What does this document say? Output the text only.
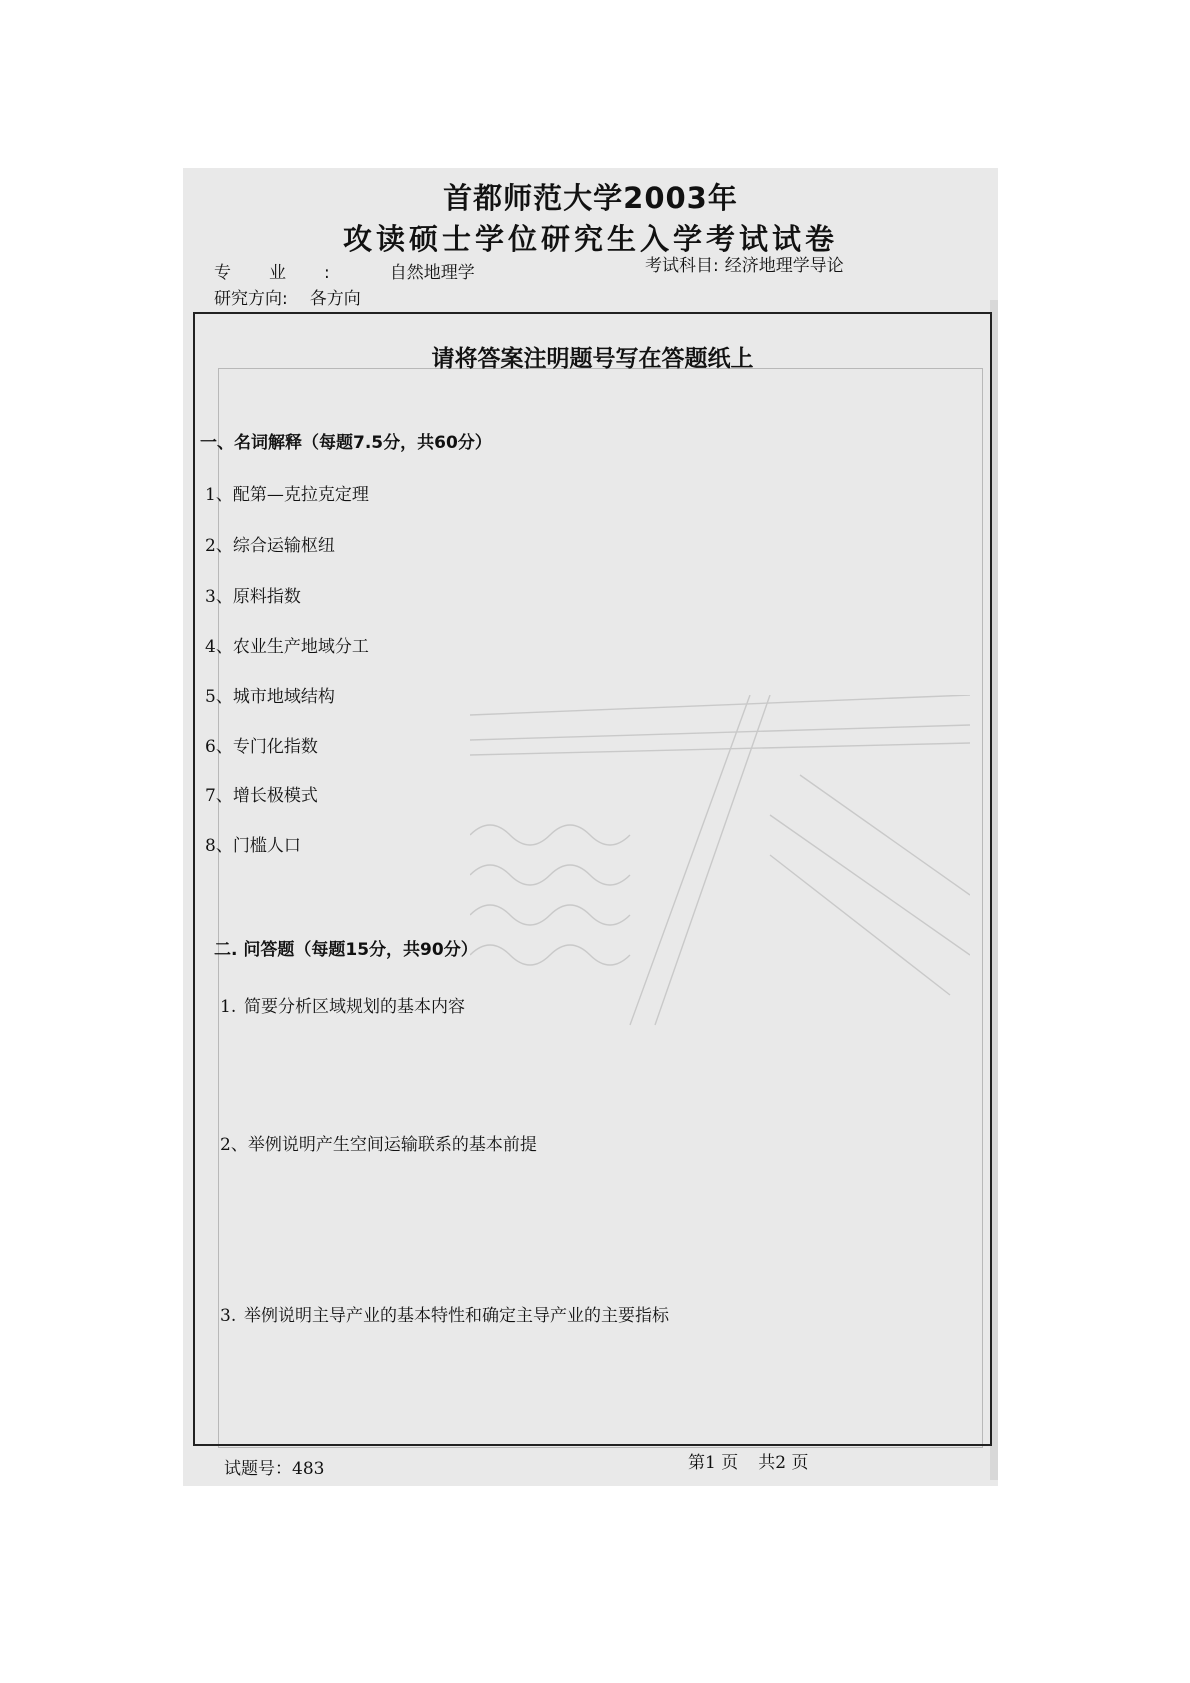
首都师范大学2003年
攻读硕士学位研究生入学考试试卷
专业: 自然地理学
研究方向: 各方向
考试科目: 经济地理学导论
请将答案注明题号写在答题纸上
一、名词解释（每题7.5分，共60分）
1、配第—克拉克定理
2、综合运输枢纽
3、原料指数
4、农业生产地域分工
5、城市地域结构
6、专门化指数
7、增长极模式
8、门槛人口
二. 问答题（每题15分，共90分）
1. 简要分析区域规划的基本内容
2、举例说明产生空间运输联系的基本前提
3. 举例说明主导产业的基本特性和确定主导产业的主要指标
试题号：483	第1 页 共2 页
